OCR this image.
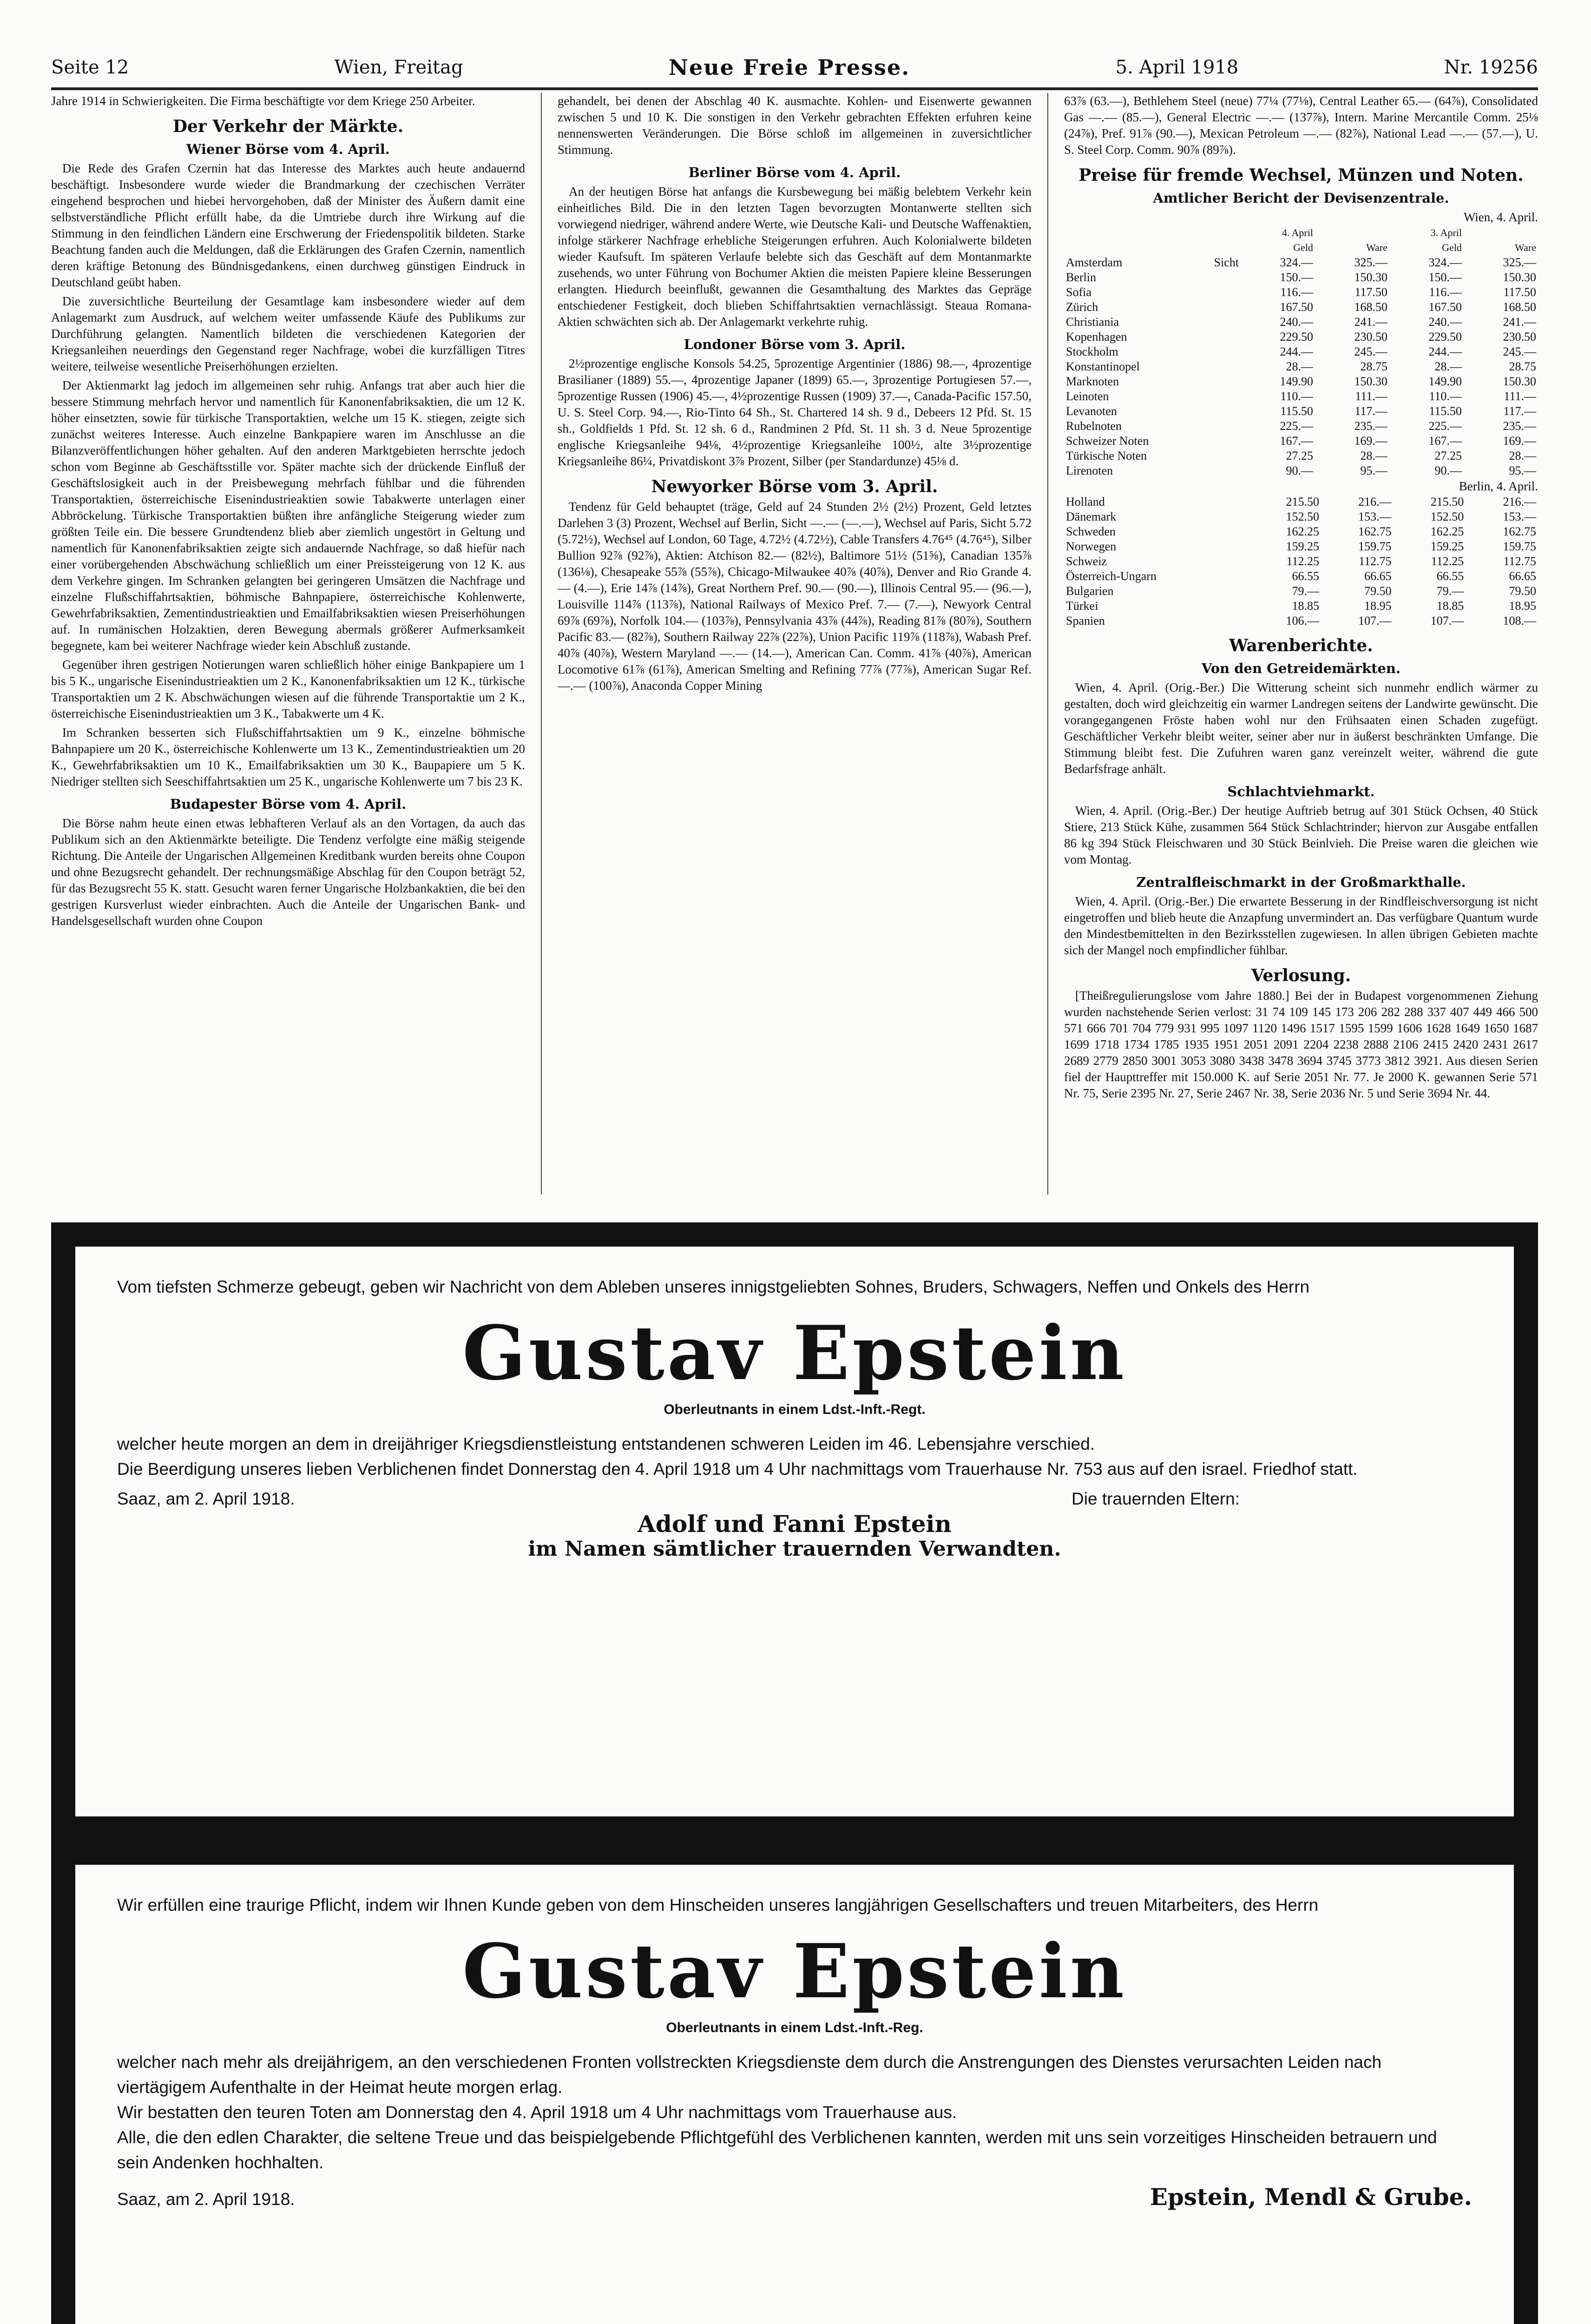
Seite 12	Wien, Freitag	Neue Freie Presse.	5. April 1918	Nr. 19256

Jahre 1914 in Schwierigkeiten. Die Firma beschäftigte vor dem Kriege 250 Arbeiter.

Der Verkehr der Märkte.
Wiener Börse vom 4. April.

Die Rede des Grafen Czernin hat das Interesse des Marktes auch heute andauernd beschäftigt. Insbesondere wurde wieder die Brandmarkung der czechischen Verräter eingehend besprochen und hiebei hervorgehoben, daß der Minister des Äußern damit eine selbstverständliche Pflicht erfüllt habe, da die Umtriebe durch ihre Wirkung auf die Stimmung in den feindlichen Ländern eine Erschwerung der Friedenspolitik bildeten. Starke Beachtung fanden auch die Meldungen, daß die Erklärungen des Grafen Czernin, namentlich deren kräftige Betonung des Bündnisgedankens, einen durchweg günstigen Eindruck in Deutschland geübt haben.

Die zuversichtliche Beurteilung der Gesamtlage kam insbesondere wieder auf dem Anlagemarkt zum Ausdruck, auf welchem weiter umfassende Käufe des Publikums zur Durchführung gelangten. Namentlich bildeten die verschiedenen Kategorien der Kriegsanleihen neuerdings den Gegenstand reger Nachfrage, wobei die kurzfälligen Titres weitere, teilweise wesentliche Preiserhöhungen erzielten.

Der Aktienmarkt lag jedoch im allgemeinen sehr ruhig. Anfangs trat aber auch hier die bessere Stimmung mehrfach hervor und namentlich für Kanonenfabriksaktien, die um 12 K. höher einsetzten, sowie für türkische Transportaktien, welche um 15 K. stiegen, zeigte sich zunächst weiteres Interesse. Auch einzelne Bankpapiere waren im Anschlusse an die Bilanzveröffentlichungen höher gehalten. Auf den anderen Marktgebieten herrschte jedoch schon vom Beginne ab Geschäftsstille vor. Später machte sich der drückende Einfluß der Geschäftslosigkeit auch in der Preisbewegung mehrfach fühlbar und die führenden Transportaktien, österreichische Eisenindustrieaktien sowie Tabakwerte unterlagen einer Abbröckelung. Türkische Transportaktien büßten ihre anfängliche Steigerung wieder zum größten Teile ein. Die bessere Grundtendenz blieb aber ziemlich ungestört in Geltung und namentlich für Kanonenfabriksaktien zeigte sich andauernde Nachfrage, so daß hiefür nach einer vorübergehenden Abschwächung schließlich um einer Preissteigerung von 12 K. aus dem Verkehre gingen. Im Schranken gelangten bei geringeren Umsätzen die Nachfrage und einzelne Flußschiffahrtsaktien, böhmische Bahnpapiere, österreichische Kohlenwerte, Gewehrfabriksaktien, Zementindustrieaktien und Emailfabriksaktien wiesen Preiserhöhungen auf. In rumänischen Holzaktien, deren Bewegung abermals größerer Aufmerksamkeit begegnete, kam bei weiterer Nachfrage wieder kein Abschluß zustande.

Gegenüber ihren gestrigen Notierungen waren schließlich höher einige Bankpapiere um 1 bis 5 K., ungarische Eisenindustrieaktien um 2 K., Kanonenfabriksaktien um 12 K., türkische Transportaktien um 2 K. Abschwächungen wiesen auf die führende Transportaktie um 2 K., österreichische Eisenindustrieaktien um 3 K., Tabakwerte um 4 K.

Im Schranken besserten sich Flußschiffahrtsaktien um 9 K., einzelne böhmische Bahnpapiere um 20 K., österreichische Kohlenwerte um 13 K., Zementindustrieaktien um 20 K., Gewehrfabriksaktien um 10 K., Emailfabriksaktien um 30 K., Baupapiere um 5 K. Niedriger stellten sich Seeschiffahrtsaktien um 25 K., ungarische Kohlenwerte um 7 bis 23 K.

Budapester Börse vom 4. April.

Die Börse nahm heute einen etwas lebhafteren Verlauf als an den Vortagen, da auch das Publikum sich an den Aktienmärkte beteiligte. Die Tendenz verfolgte eine mäßig steigende Richtung. Die Anteile der Ungarischen Allgemeinen Kreditbank wurden bereits ohne Coupon und ohne Bezugsrecht gehandelt. Der rechnungsmäßige Abschlag für den Coupon beträgt 52, für das Bezugsrecht 55 K. statt. Gesucht waren ferner Ungarische Holzbankaktien, die bei den gestrigen Kursverlust wieder einbrachten. Auch die Anteile der Ungarischen Bank- und Handelsgesellschaft wurden ohne Coupon

gehandelt, bei denen der Abschlag 40 K. ausmachte. Kohlen- und Eisenwerte gewannen zwischen 5 und 10 K. Die sonstigen in den Verkehr gebrachten Effekten erfuhren keine nennenswerten Veränderungen. Die Börse schloß im allgemeinen in zuversichtlicher Stimmung.

Berliner Börse vom 4. April.

An der heutigen Börse hat anfangs die Kursbewegung bei mäßig belebtem Verkehr kein einheitliches Bild. Die in den letzten Tagen bevorzugten Montanwerte stellten sich vorwiegend niedriger, während andere Werte, wie Deutsche Kali- und Deutsche Waffenaktien, infolge stärkerer Nachfrage erhebliche Steigerungen erfuhren. Auch Kolonialwerte bildeten wieder Kaufsuft. Im späteren Verlaufe belebte sich das Geschäft auf dem Montanmarkte zusehends, wo unter Führung von Bochumer Aktien die meisten Papiere kleine Besserungen erlangten. Hiedurch beeinflußt, gewannen die Gesamthaltung des Marktes das Gepräge entschiedener Festigkeit, doch blieben Schiffahrtsaktien vernachlässigt. Steaua Romana-Aktien schwächten sich ab. Der Anlagemarkt verkehrte ruhig.

Londoner Börse vom 3. April.

2½prozentige englische Konsols 54.25, 5prozentige Argentinier (1886) 98.—, 4prozentige Brasilianer (1889) 55.—, 4prozentige Japaner (1899) 65.—, 3prozentige Portugiesen 57.—, 5prozentige Russen (1906) 45.—, 4½prozentige Russen (1909) 37.—, Canada-Pacific 157.50, U. S. Steel Corp. 94.—, Rio-Tinto 64 Sh., St. Chartered 14 sh. 9 d., Debeers 12 Pfd. St. 15 sh., Goldfields 1 Pfd. St. 12 sh. 6 d., Randminen 2 Pfd. St. 11 sh. 3 d. Neue 5prozentige englische Kriegsanleihe 94⅛, 4½prozentige Kriegsanleihe 100½, alte 3½prozentige Kriegsanleihe 86¼, Privatdiskont 3⅞ Prozent, Silber (per Standardunze) 45⅛ d.

Newyorker Börse vom 3. April.

Tendenz für Geld behauptet (träge, Geld auf 24 Stunden 2½ (2½) Prozent, Geld letztes Darlehen 3 (3) Prozent, Wechsel auf Berlin, Sicht —.— (—.—), Wechsel auf Paris, Sicht 5.72 (5.72½), Wechsel auf London, 60 Tage, 4.72½ (4.72½), Cable Transfers 4.76⁴⁵ (4.76⁴⁵), Silber Bullion 92⅞ (92⅞), Aktien: Atchison 82.— (82½), Baltimore 51½ (51⅝), Canadian 135⅞ (136⅛), Chesapeake 55⅞ (55⅞), Chicago-Milwaukee 40⅞ (40⅞), Denver and Rio Grande 4.— (4.—), Erie 14⅞ (14⅞), Great Northern Pref. 90.— (90.—), Illinois Central 95.— (96.—), Louisville 114⅞ (113⅞), National Railways of Mexico Pref. 7.— (7.—), Newyork Central 69⅞ (69⅞), Norfolk 104.— (103⅞), Pennsylvania 43⅞ (44⅞), Reading 81⅞ (80⅞), Southern Pacific 83.— (82⅞), Southern Railway 22⅞ (22⅞), Union Pacific 119⅞ (118⅞), Wabash Pref. 40⅞ (40⅞), Western Maryland —.— (14.—), American Can. Comm. 41⅞ (40⅞), American Locomotive 61⅞ (61⅞), American Smelting and Refining 77⅞ (77⅞), American Sugar Ref. —.— (100⅞), Anaconda Copper Mining

63⅞ (63.—), Bethlehem Steel (neue) 77¼ (77⅛), Central Leather 65.— (64⅞), Consolidated Gas —.— (85.—), General Electric —.— (137⅞), Intern. Marine Mercantile Comm. 25⅛ (24⅞), Pref. 91⅞ (90.—), Mexican Petroleum —.— (82⅞), National Lead —.— (57.—), U. S. Steel Corp. Comm. 90⅞ (89⅞).

Preise für fremde Wechsel, Münzen und Noten.
Amtlicher Bericht der Devisenzentrale.
Wien, 4. April.
	4. April		3. April	
	Geld	Ware	Geld	Ware
Amsterdam Sicht	324.—	325.—	324.—	325.—
Berlin	150.—	150.30	150.—	150.30
Sofia	116.—	117.50	116.—	117.50
Zürich	167.50	168.50	167.50	168.50
Christiania	240.—	241.—	240.—	241.—
Kopenhagen	229.50	230.50	229.50	230.50
Stockholm	244.—	245.—	244.—	245.—
Konstantinopel	28.—	28.75	28.—	28.75
Marknoten	149.90	150.30	149.90	150.30
Leinoten	110.—	111.—	110.—	111.—
Levanoten	115.50	117.—	115.50	117.—
Rubelnoten	225.—	235.—	225.—	235.—
Schweizer Noten	167.—	169.—	167.—	169.—
Türkische Noten	27.25	28.—	27.25	28.—
Lirenoten	90.—	95.—	90.—	95.—
Berlin, 4. April.
Holland	215.50	216.—	215.50	216.—
Dänemark	152.50	153.—	152.50	153.—
Schweden	162.25	162.75	162.25	162.75
Norwegen	159.25	159.75	159.25	159.75
Schweiz	112.25	112.75	112.25	112.75
Österreich-Ungarn	66.55	66.65	66.55	66.65
Bulgarien	79.—	79.50	79.—	79.50
Türkei	18.85	18.95	18.85	18.95
Spanien	106.—	107.—	107.—	108.—
Warenberichte.
Von den Getreidemärkten.

Wien, 4. April. (Orig.-Ber.) Die Witterung scheint sich nunmehr endlich wärmer zu gestalten, doch wird gleichzeitig ein warmer Landregen seitens der Landwirte gewünscht. Die vorangegangenen Fröste haben wohl nur den Frühsaaten einen Schaden zugefügt. Geschäftlicher Verkehr bleibt weiter, seiner aber nur in äußerst beschränkten Umfange. Die Stimmung bleibt fest. Die Zufuhren waren ganz vereinzelt weiter, während die gute Bedarfsfrage anhält.

Schlachtviehmarkt.

Wien, 4. April. (Orig.-Ber.) Der heutige Auftrieb betrug auf 301 Stück Ochsen, 40 Stück Stiere, 213 Stück Kühe, zusammen 564 Stück Schlachtrinder; hiervon zur Ausgabe entfallen 86 kg 394 Stück Fleischwaren und 30 Stück Beinlvieh. Die Preise waren die gleichen wie vom Montag.

Zentralfleischmarkt in der Großmarkthalle.

Wien, 4. April. (Orig.-Ber.) Die erwartete Besserung in der Rindfleischversorgung ist nicht eingetroffen und blieb heute die Anzapfung unvermindert an. Das verfügbare Quantum wurde den Mindestbemittelten in den Bezirksstellen zugewiesen. In allen übrigen Gebieten machte sich der Mangel noch empfindlicher fühlbar.

Verlosung.

[Theißregulierungslose vom Jahre 1880.] Bei der in Budapest vorgenommenen Ziehung wurden nachstehende Serien verlost: 31 74 109 145 173 206 282 288 337 407 449 466 500 571 666 701 704 779 931 995 1097 1120 1496 1517 1595 1599 1606 1628 1649 1650 1687 1699 1718 1734 1785 1935 1951 2051 2091 2204 2238 2888 2106 2415 2420 2431 2617 2689 2779 2850 3001 3053 3080 3438 3478 3694 3745 3773 3812 3921. Aus diesen Serien fiel der Haupttreffer mit 150.000 K. auf Serie 2051 Nr. 77. Je 2000 K. gewannen Serie 571 Nr. 75, Serie 2395 Nr. 27, Serie 2467 Nr. 38, Serie 2036 Nr. 5 und Serie 3694 Nr. 44.

Vom tiefsten Schmerze gebeugt, geben wir Nachricht von dem Ableben unseres innigstgeliebten Sohnes, Bruders, Schwagers, Neffen und Onkels des Herrn

Gustav Epstein
Oberleutnants in einem Ldst.-Inft.-Regt.

welcher heute morgen an dem in dreijähriger Kriegsdienstleistung entstandenen schweren Leiden im 46. Lebensjahre verschied.

Die Beerdigung unseres lieben Verblichenen findet Donnerstag den 4. April 1918 um 4 Uhr nachmittags vom Trauerhause Nr. 753 aus auf den israel. Friedhof statt.

Saaz, am 2. April 1918.	Die trauernden Eltern:
Adolf und Fanni Epstein
im Namen sämtlicher trauernden Verwandten.

Wir erfüllen eine traurige Pflicht, indem wir Ihnen Kunde geben von dem Hinscheiden unseres langjährigen Gesellschafters und treuen Mitarbeiters, des Herrn

Gustav Epstein
Oberleutnants in einem Ldst.-Inft.-Reg.

welcher nach mehr als dreijährigem, an den verschiedenen Fronten vollstreckten Kriegsdienste dem durch die Anstrengungen des Dienstes verursachten Leiden nach viertägigem Aufenthalte in der Heimat heute morgen erlag.

Wir bestatten den teuren Toten am Donnerstag den 4. April 1918 um 4 Uhr nachmittags vom Trauerhause aus.

Alle, die den edlen Charakter, die seltene Treue und das beispielgebende Pflichtgefühl des Verblichenen kannten, werden mit uns sein vorzeitiges Hinscheiden betrauern und sein Andenken hochhalten.

Saaz, am 2. April 1918.	Epstein, Mendl & Grube.
